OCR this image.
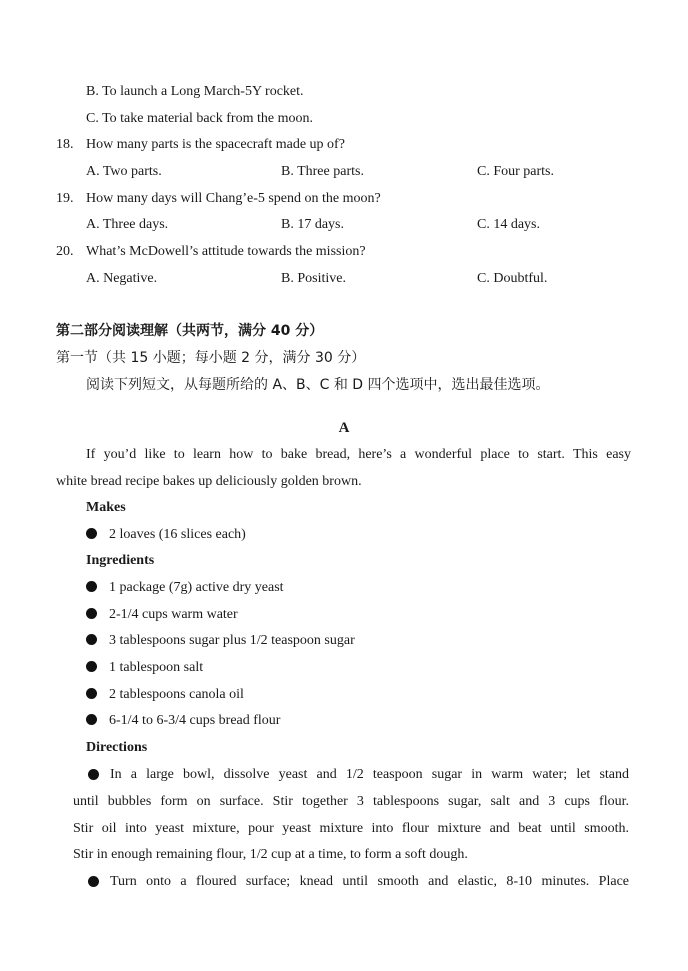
B. To launch a Long March-5Y rocket.
C. To take material back from the moon.
18. How many parts is the spacecraft made up of?
A. Two parts.	B. Three parts.	C. Four parts.
19. How many days will Chang’e-5 spend on the moon?
A. Three days.	B. 17 days.	C. 14 days.
20. What’s McDowell’s attitude towards the mission?
A. Negative.	B. Positive.	C. Doubtful.
第二部分阅读理解（共两节，满分 40 分）
第一节（共 15 小题；每小题 2 分，满分 30 分）
阅读下列短文，从每题所给的 A、B、C 和 D 四个选项中，选出最佳选项。
A
If you’d like to learn how to bake bread, here’s a wonderful place to start. This easy
white bread recipe bakes up deliciously golden brown.
Makes
2 loaves (16 slices each)
Ingredients
1 package (7g) active dry yeast
2-1/4 cups warm water
3 tablespoons sugar plus 1/2 teaspoon sugar
1 tablespoon salt
2 tablespoons canola oil
6-1/4 to 6-3/4 cups bread flour
Directions
In a large bowl, dissolve yeast and 1/2 teaspoon sugar in warm water; let stand
until bubbles form on surface. Stir together 3 tablespoons sugar, salt and 3 cups flour.
Stir oil into yeast mixture, pour yeast mixture into flour mixture and beat until smooth.
Stir in enough remaining flour, 1/2 cup at a time, to form a soft dough.
Turn onto a floured surface; knead until smooth and elastic, 8-10 minutes. Place
